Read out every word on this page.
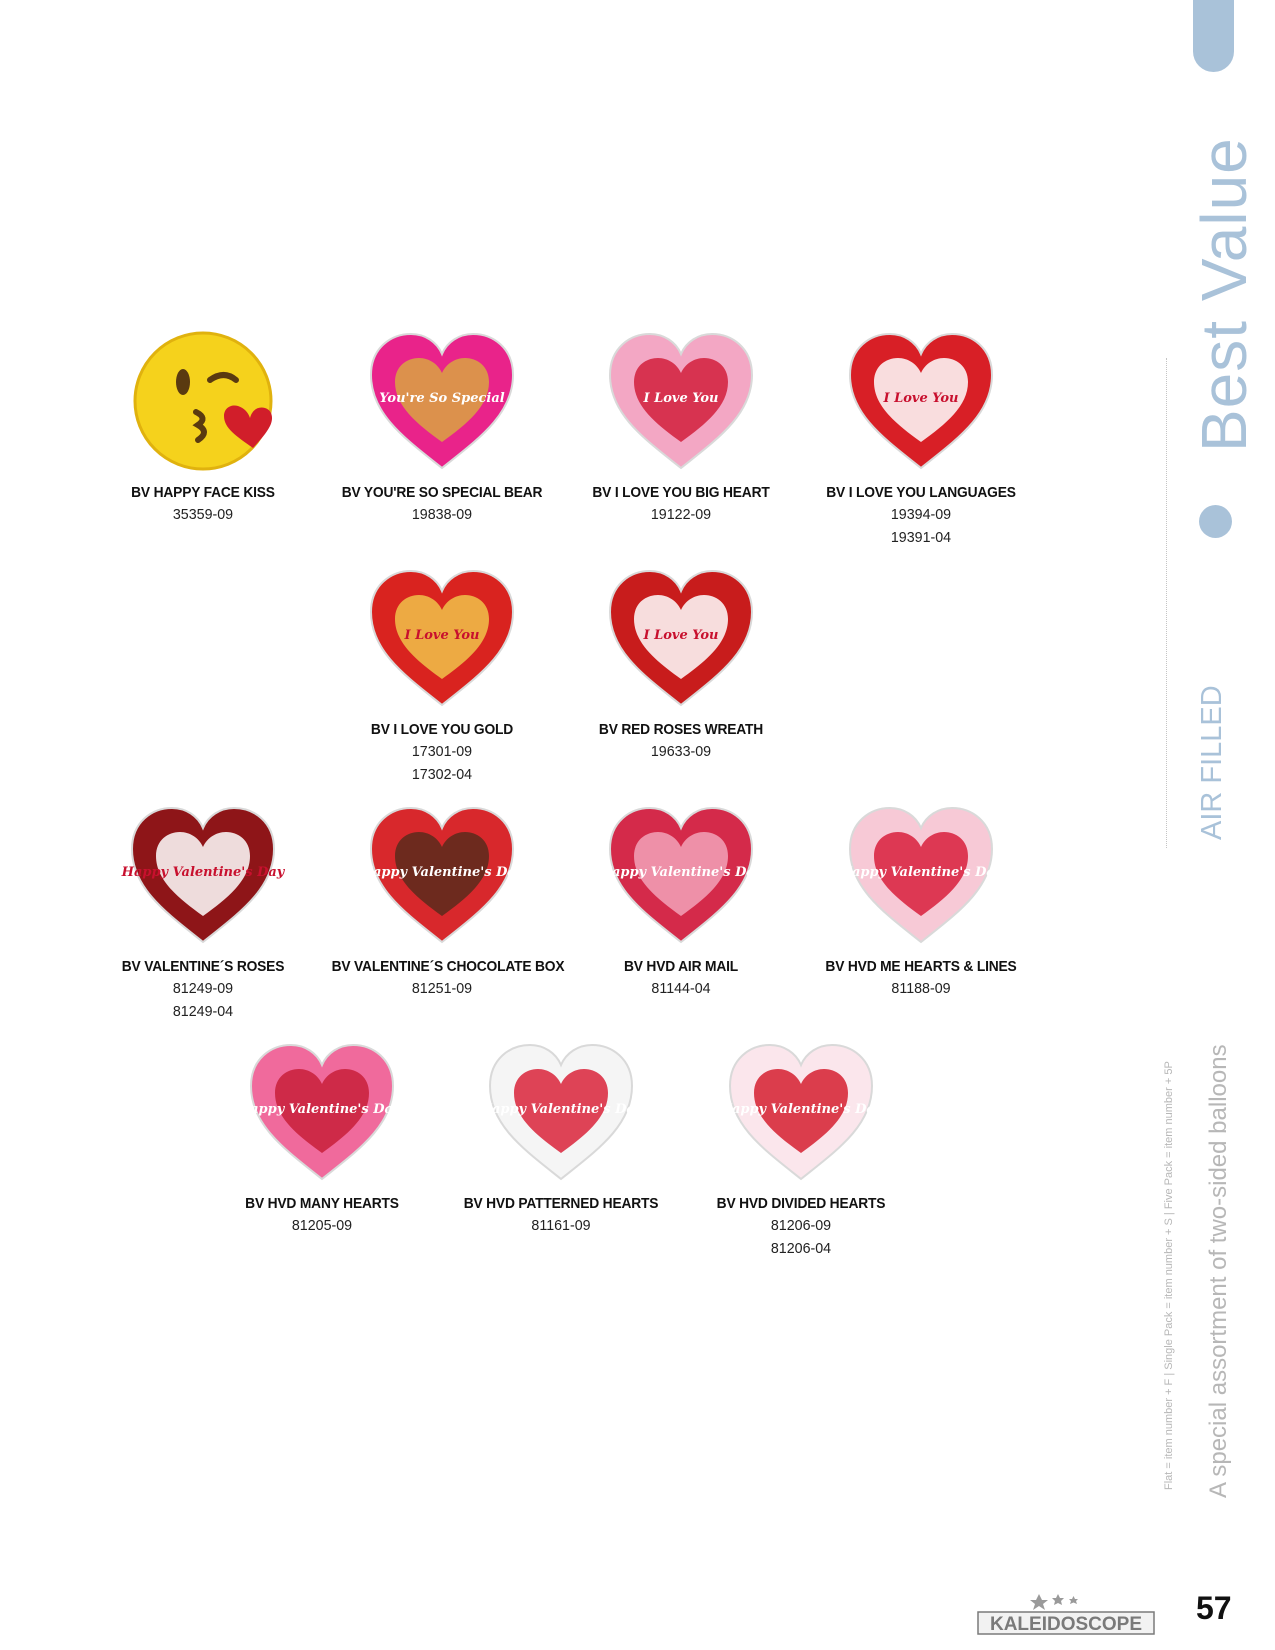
Best Value
AIR FILLED
A special assortment of two-sided balloons
Flat = item number + F | Single Pack = item number + S | Five Pack = item number + 5P
BV HAPPY FACE KISS
35359-09
You're So Special
BV YOU'RE SO SPECIAL BEAR
19838-09
I Love You
BV I LOVE YOU BIG HEART
19122-09
I Love You
BV I LOVE YOU LANGUAGES
19394-09
19391-04
I Love You
BV I LOVE YOU GOLD
17301-09
17302-04
I Love You
BV RED ROSES WREATH
19633-09
Happy Valentine's Day
BV VALENTINE´S ROSES
81249-09
81249-04
Happy Valentine's Day
BV VALENTINE´S CHOCOLATE BOX
81251-09
Happy Valentine's Day
BV HVD AIR MAIL
81144-04
Happy Valentine's Day
BV HVD ME HEARTS & LINES
81188-09
Happy Valentine's Day!
BV HVD MANY HEARTS
81205-09
Happy Valentine's Day
BV HVD PATTERNED HEARTS
81161-09
Happy Valentine's Day
BV HVD DIVIDED HEARTS
81206-09
81206-04
KALEIDOSCOPE 57
